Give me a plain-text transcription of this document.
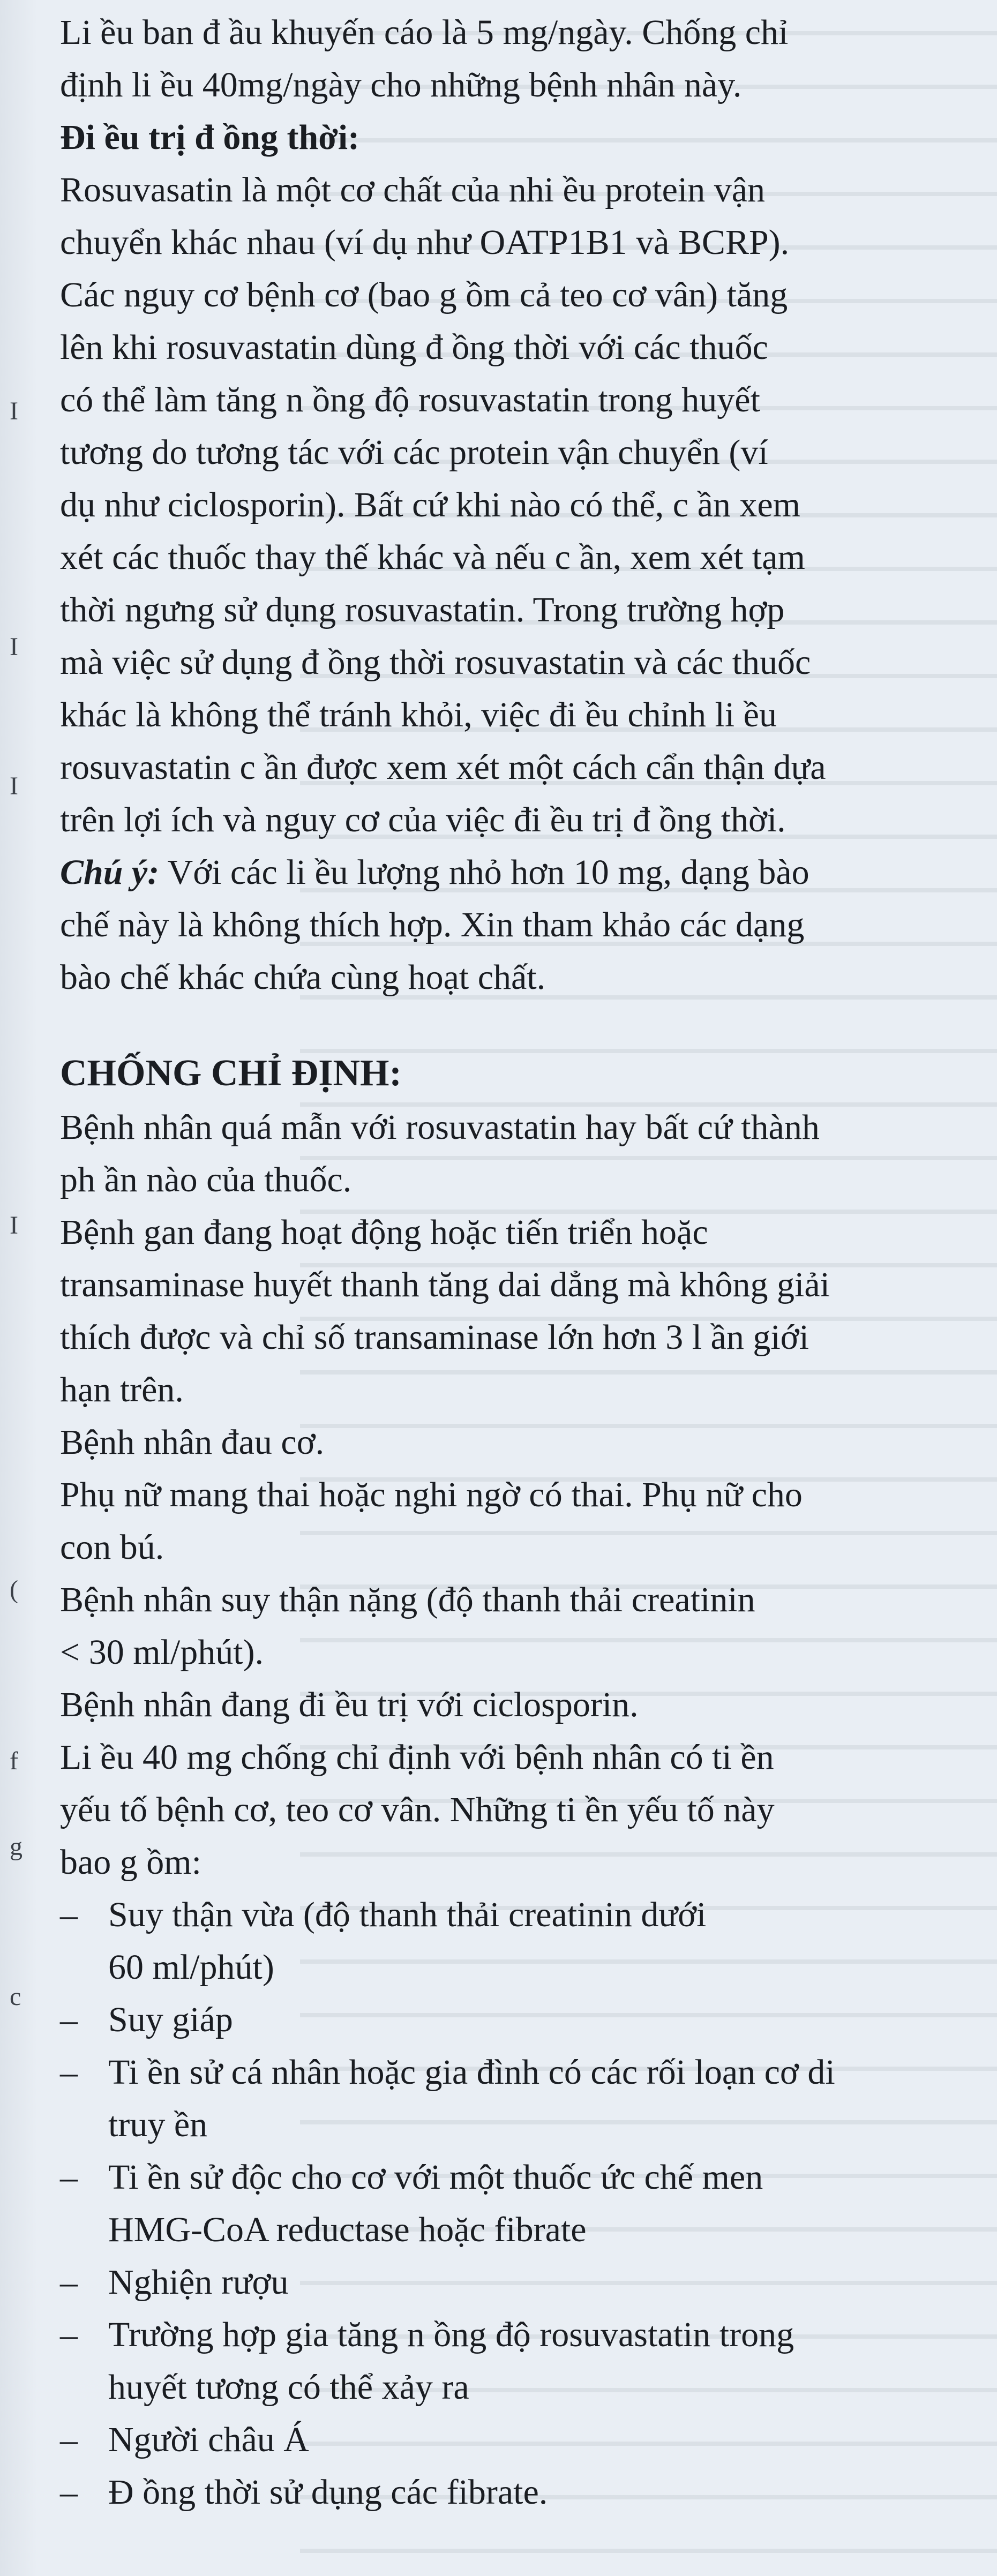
I
I
I
I
(
f
g
c
Li ều ban đ ầu khuyến cáo là 5 mg/ngày. Chống chỉ
định li ều 40mg/ngày cho những bệnh nhân này.
Đi ều trị đ ồng thời:
Rosuvasatin là một cơ chất của nhi ều protein vận
chuyển khác nhau (ví dụ như OATP1B1 và BCRP).
Các nguy cơ bệnh cơ (bao g ồm cả teo cơ vân) tăng
lên khi rosuvastatin dùng đ ồng thời với các thuốc
có thể làm tăng n ồng độ rosuvastatin trong huyết
tương do tương tác với các protein vận chuyển (ví
dụ như ciclosporin). Bất cứ khi nào có thể, c ần xem
xét các thuốc thay thế khác và nếu c ần, xem xét tạm
thời ngưng sử dụng rosuvastatin. Trong trường hợp
mà việc sử dụng đ ồng thời rosuvastatin và các thuốc
khác là không thể tránh khỏi, việc đi ều chỉnh li ều
rosuvastatin c ần được xem xét một cách cẩn thận dựa
trên lợi ích và nguy cơ của việc đi ều trị đ ồng thời.
Chú ý: Với các li ều lượng nhỏ hơn 10 mg, dạng bào
chế này là không thích hợp. Xin tham khảo các dạng
bào chế khác chứa cùng hoạt chất.
CHỐNG CHỈ ĐỊNH:
Bệnh nhân quá mẫn với rosuvastatin hay bất cứ thành
ph ần nào của thuốc.
Bệnh gan đang hoạt động hoặc tiến triển hoặc
transaminase huyết thanh tăng dai dẳng mà không giải
thích được và chỉ số transaminase lớn hơn 3 l ần giới
hạn trên.
Bệnh nhân đau cơ.
Phụ nữ mang thai hoặc nghi ngờ có thai. Phụ nữ cho
con bú.
Bệnh nhân suy thận nặng (độ thanh thải creatinin
< 30 ml/phút).
Bệnh nhân đang đi ều trị với ciclosporin.
Li ều 40 mg chống chỉ định với bệnh nhân có ti ền
yếu tố bệnh cơ, teo cơ vân. Những ti ền yếu tố này
bao g ồm:
– Suy thận vừa (độ thanh thải creatinin dưới
60 ml/phút)
– Suy giáp
– Ti ền sử cá nhân hoặc gia đình có các rối loạn cơ di
truy ền
– Ti ền sử độc cho cơ với một thuốc ức chế men
HMG-CoA reductase hoặc fibrate
– Nghiện rượu
– Trường hợp gia tăng n ồng độ rosuvastatin trong
huyết tương có thể xảy ra
– Người châu Á
– Đ ồng thời sử dụng các fibrate.
